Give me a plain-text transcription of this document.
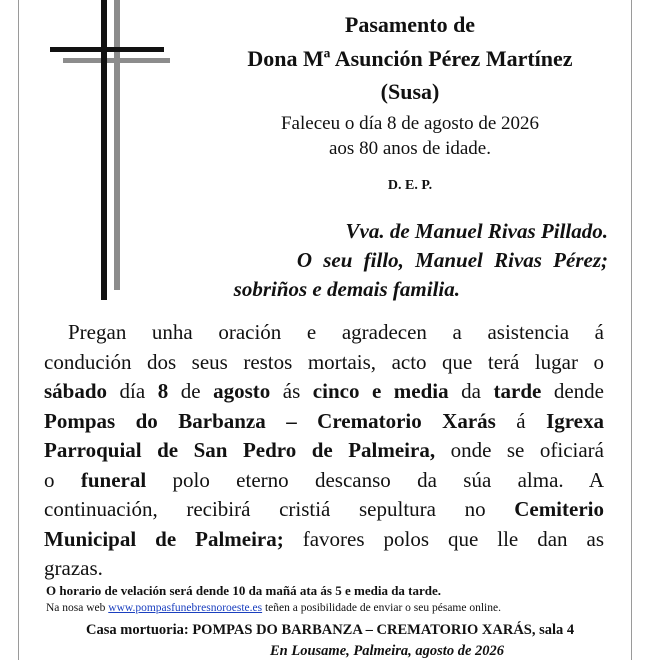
Pasamento de
Dona Mª Asunción Pérez Martínez
(Susa)
Faleceu o día 8 de agosto de 2026
aos 80 anos de idade.
D. E. P.
Vva. de Manuel Rivas Pillado.
O seu fillo, Manuel Rivas Pérez;
sobriños e demais familia.
Pregan unha oración e agradecen a asistencia á
condución dos seus restos mortais, acto que terá lugar o
sábado día 8 de agosto ás cinco e media da tarde dende
Pompas do Barbanza – Crematorio Xarás á Igrexa
Parroquial de San Pedro de Palmeira, onde se oficiará
o funeral polo eterno descanso da súa alma. A
continuación, recibirá cristiá sepultura no Cemiterio
Municipal de Palmeira; favores polos que lle dan as
grazas.
O horario de velación será dende 10 da mañá ata ás 5 e media da tarde.
Na nosa web www.pompasfunebresnoroeste.es teñen a posibilidade de enviar o seu pésame online.
Casa mortuoria: POMPAS DO BARBANZA – CREMATORIO XARÁS, sala 4
En Lousame, Palmeira, agosto de 2026
